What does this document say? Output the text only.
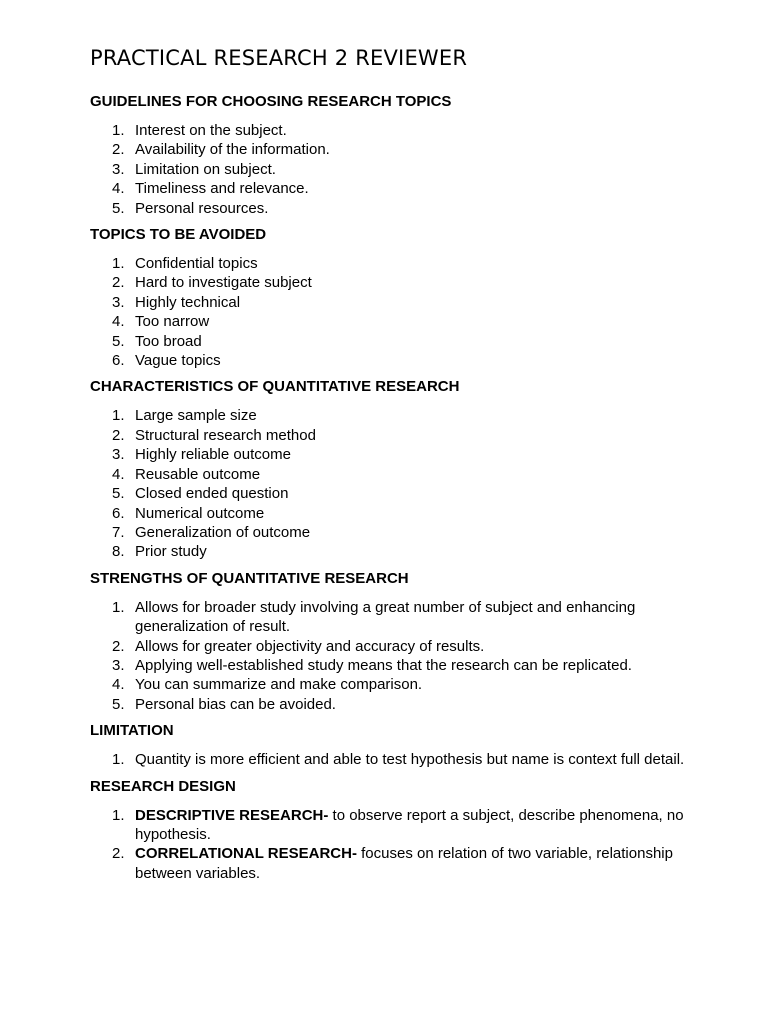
PRACTICAL RESEARCH 2 REVIEWER
GUIDELINES FOR CHOOSING RESEARCH TOPICS
1. Interest on the subject.
2. Availability of the information.
3. Limitation on subject.
4. Timeliness and relevance.
5. Personal resources.
TOPICS TO BE AVOIDED
1. Confidential topics
2. Hard to investigate subject
3. Highly technical
4. Too narrow
5. Too broad
6. Vague topics
CHARACTERISTICS OF QUANTITATIVE RESEARCH
1. Large sample size
2. Structural research method
3. Highly reliable outcome
4. Reusable outcome
5. Closed ended question
6. Numerical outcome
7. Generalization of outcome
8. Prior study
STRENGTHS OF QUANTITATIVE RESEARCH
1. Allows for broader study involving a great number of subject and enhancing generalization of result.
2. Allows for greater objectivity and accuracy of results.
3. Applying well-established study means that the research can be replicated.
4. You can summarize and make comparison.
5. Personal bias can be avoided.
LIMITATION
1. Quantity is more efficient and able to test hypothesis but name is context full detail.
RESEARCH DESIGN
1. DESCRIPTIVE RESEARCH- to observe report a subject, describe phenomena, no hypothesis.
2. CORRELATIONAL RESEARCH- focuses on relation of two variable, relationship between variables.
